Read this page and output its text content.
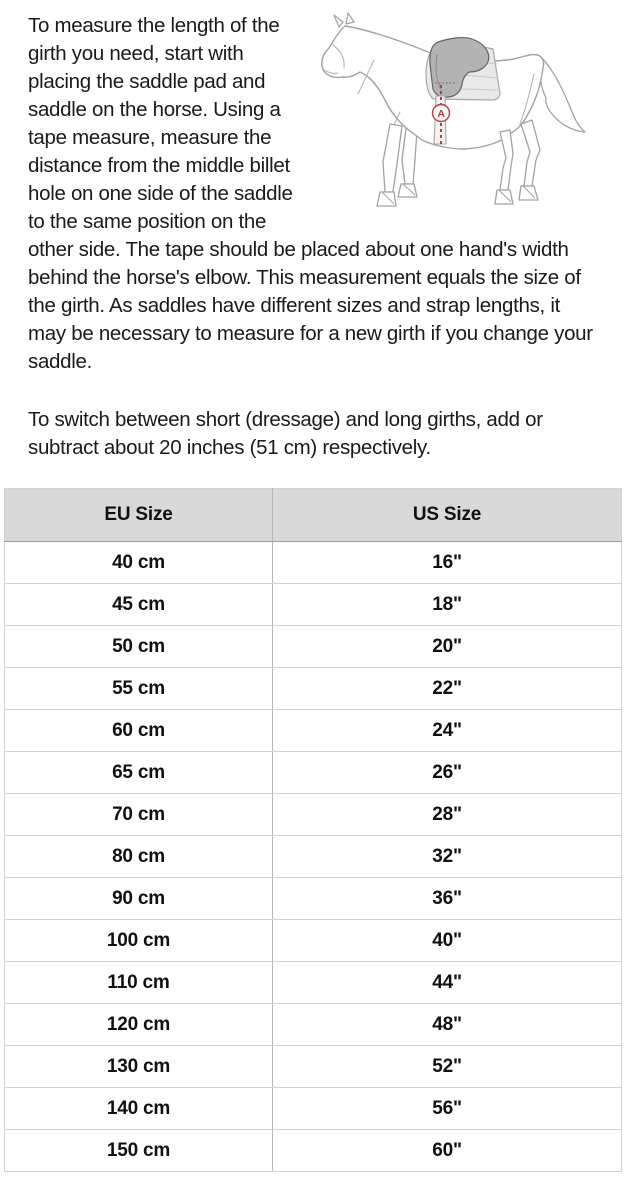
A

To measure the length of the girth you need, start with placing the saddle pad and saddle on the horse. Using a tape measure, measure the distance from the middle billet hole on one side of the saddle to the same position on the other side. The tape should be placed about one hand's width behind the horse's elbow. This measurement equals the size of the girth. As saddles have different sizes and strap lengths, it may be necessary to measure for a new girth if you change your saddle.

To switch between short (dressage) and long girths, add or subtract about 20 inches (51 cm) respectively.

EU Size	US Size
40 cm	16"
45 cm	18"
50 cm	20"
55 cm	22"
60 cm	24"
65 cm	26"
70 cm	28"
80 cm	32"
90 cm	36"
100 cm	40"
110 cm	44"
120 cm	48"
130 cm	52"
140 cm	56"
150 cm	60"
